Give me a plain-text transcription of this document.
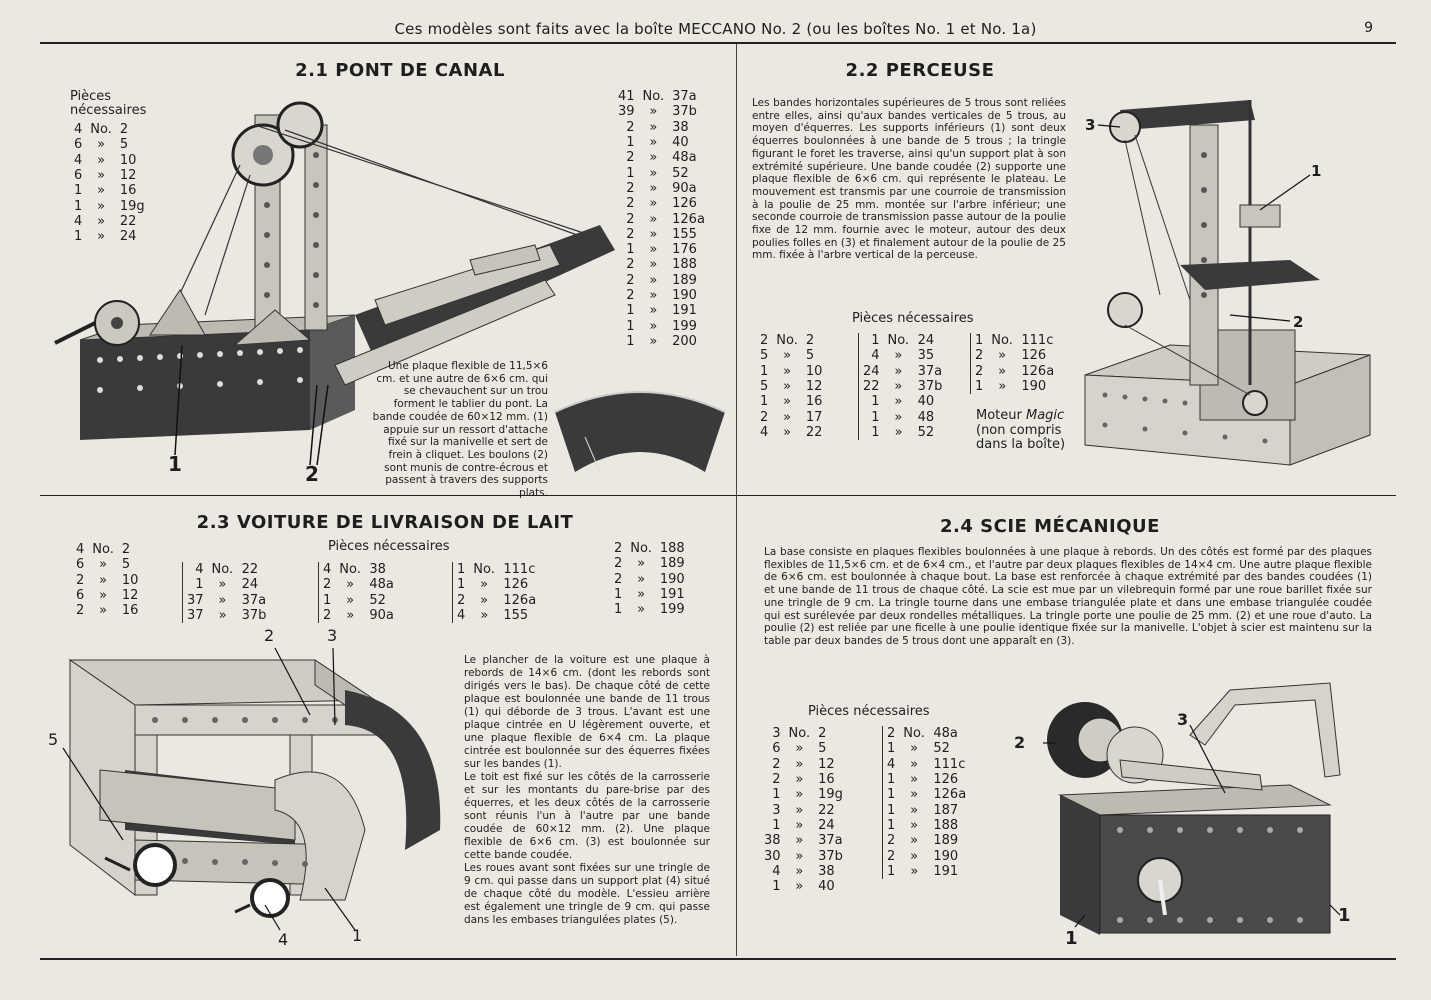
Ces modèles sont faits avec la boîte MECCANO No. 2 (ou les boîtes No. 1 et No. 1a)	9
2.1 PONT DE CANAL
Pièces
nécessaires
4	No.	2
6	»	5
4	»	10
6	»	12
1	»	16
1	»	19g
4	»	22
1	»	24
41	No.	37a
39	»	37b
2	»	38
1	»	40
2	»	48a
1	»	52
2	»	90a
2	»	126
2	»	126a
2	»	155
1	»	176
2	»	188
2	»	189
2	»	190
1	»	191
1	»	199
1	»	200
1	2
Une plaque flexible de 11,5×6 cm. et une autre de 6×6 cm. qui se chevauchent sur un trou forment le tablier du pont. La bande coudée de 60×12 mm. (1) appuie sur un ressort d'attache fixé sur la manivelle et sert de frein à cliquet. Les boulons (2) sont munis de contre-écrous et passent à travers des supports plats.
2.2 PERCEUSE
Les bandes horizontales supérieures de 5 trous sont reliées entre elles, ainsi qu'aux bandes verticales de 5 trous, au moyen d'équerres. Les supports inférieurs (1) sont deux équerres boulonnées à une bande de 5 trous ; la tringle figurant le foret les traverse, ainsi qu'un support plat à son extrémité supérieure. Une bande coudée (2) supporte une plaque flexible de 6×6 cm. qui représente le plateau. Le mouvement est transmis par une courroie de transmission à la poulie de 25 mm. montée sur l'arbre inférieur; une seconde courroie de transmission passe autour de la poulie fixe de 12 mm. fournie avec le moteur, autour des deux poulies folles en (3) et finalement autour de la poulie de 25 mm. fixée à l'arbre vertical de la perceuse.
Pièces nécessaires
2	No.	2
5	»	5
1	»	10
5	»	12
1	»	16
2	»	17
4	»	22
1	No.	24
4	»	35
24	»	37a
22	»	37b
1	»	40
1	»	48
1	»	52
1	No.	111c
2	»	126
2	»	126a
1	»	190
Moteur Magic
(non compris
dans la boîte)
3
1
2
2.3 VOITURE DE LIVRAISON DE LAIT
Pièces nécessaires
4	No.	2
6	»	5
2	»	10
6	»	12
2	»	16
4	No.	22
1	»	24
37	»	37a
37	»	37b
4	No.	38
2	»	48a
1	»	52
2	»	90a
1	No.	111c
1	»	126
2	»	126a
4	»	155
2	No.	188
2	»	189
2	»	190
1	»	191
1	»	199
2	3
5
4	1
Le plancher de la voiture est une plaque à rebords de 14×6 cm. (dont les rebords sont dirigés vers le bas). De chaque côté de cette plaque est boulonnée une bande de 11 trous (1) qui déborde de 3 trous. L'avant est une plaque cintrée en U légèrement ouverte, et une plaque flexible de 6×4 cm. La plaque cintrée est boulonnée sur des équerres fixées sur les bandes (1).
Le toit est fixé sur les côtés de la carrosserie et sur les montants du pare-brise par des équerres, et les deux côtés de la carrosserie sont réunis l'un à l'autre par une bande coudée de 60×12 mm. (2). Une plaque flexible de 6×6 cm. (3) est boulonnée sur cette bande coudée.
Les roues avant sont fixées sur une tringle de 9 cm. qui passe dans un support plat (4) situé de chaque côté du modèle. L'essieu arrière est également une tringle de 9 cm. qui passe dans les embases triangulées plates (5).
2.4 SCIE MÉCANIQUE
La base consiste en plaques flexibles boulonnées à une plaque à rebords. Un des côtés est formé par des plaques flexibles de 11,5×6 cm. et de 6×4 cm., et l'autre par deux plaques flexibles de 14×4 cm. Une autre plaque flexible de 6×6 cm. est boulonnée à chaque bout. La base est renforcée à chaque extrémité par des bandes coudées (1) et une bande de 11 trous de chaque côté. La scie est mue par un vilebrequin formé par une roue barillet fixée sur une tringle de 9 cm. La tringle tourne dans une embase triangulée plate et dans une embase triangulée coudée qui est surélevée par deux rondelles métalliques. La tringle porte une poulie de 25 mm. (2) et une roue d'auto. La poulie (2) est reliée par une ficelle à une poulie identique fixée sur la manivelle. L'objet à scier est maintenu sur la table par deux bandes de 5 trous dont une apparaît en (3).
Pièces nécessaires
3	No.	2
6	»	5
2	»	12
2	»	16
1	»	19g
3	»	22
1	»	24
38	»	37a
30	»	37b
4	»	38
1	»	40
2	No.	48a
1	»	52
4	»	111c
1	»	126
1	»	126a
1	»	187
1	»	188
2	»	189
2	»	190
1	»	191
2
3
1
1
